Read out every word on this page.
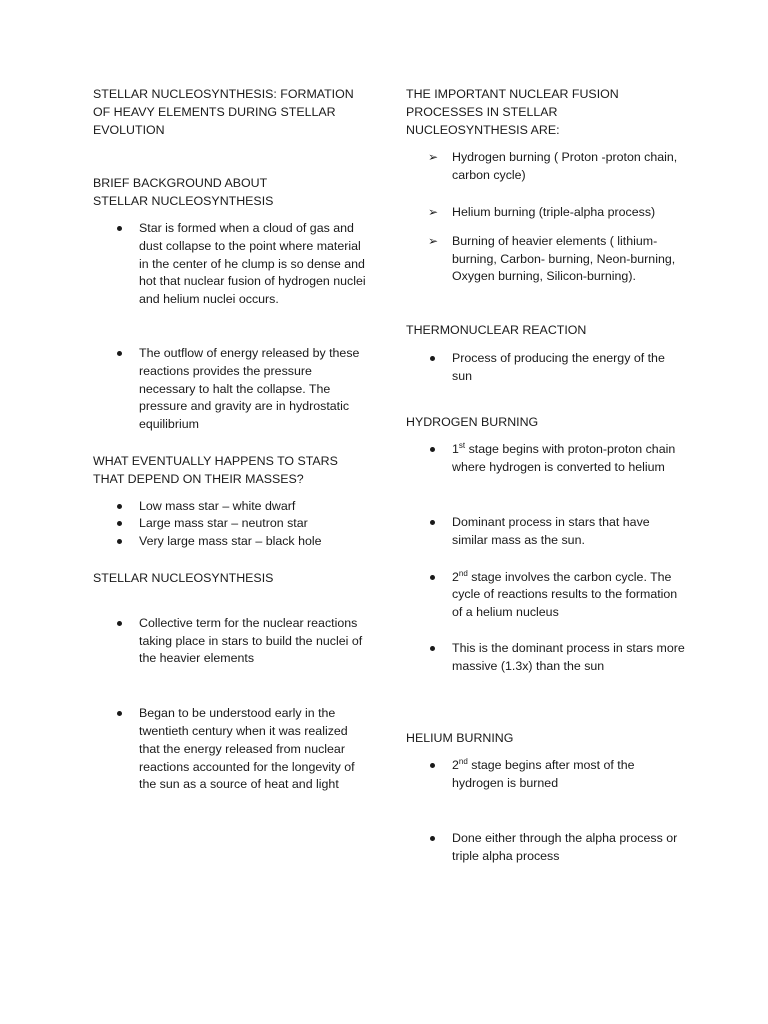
STELLAR NUCLEOSYNTHESIS: FORMATION OF HEAVY ELEMENTS DURING STELLAR EVOLUTION

BRIEF BACKGROUND ABOUT STELLAR NUCLEOSYNTHESIS

Star is formed when a cloud of gas and dust collapse to the point where material in the center of he clump is so dense and hot that nuclear fusion of hydrogen nuclei and helium nuclei occurs.
The outflow of energy released by these reactions provides the pressure necessary to halt the collapse. The pressure and gravity are in hydrostatic equilibrium

WHAT EVENTUALLY HAPPENS TO STARS THAT DEPEND ON THEIR MASSES?

Low mass star – white dwarf
Large mass star – neutron star
Very large mass star – black hole

STELLAR NUCLEOSYNTHESIS

Collective term for the nuclear reactions taking place in stars to build the nuclei of the heavier elements
Began to be understood early in the twentieth century when it was realized that the energy released from nuclear reactions accounted for the longevity of the sun as a source of heat and light

THE IMPORTANT NUCLEAR FUSION PROCESSES IN STELLAR NUCLEOSYNTHESIS ARE:

➢ Hydrogen burning ( Proton -proton chain, carbon cycle)
➢ Helium burning (triple-alpha process)
➢ Burning of heavier elements ( lithium-burning, Carbon- burning, Neon-burning, Oxygen burning, Silicon-burning).

THERMONUCLEAR REACTION

Process of producing the energy of the sun

HYDROGEN BURNING

1st stage begins with proton-proton chain where hydrogen is converted to helium
Dominant process in stars that have similar mass as the sun.
2nd stage involves the carbon cycle. The cycle of reactions results to the formation of a helium nucleus
This is the dominant process in stars more massive (1.3x) than the sun

HELIUM BURNING

2nd stage begins after most of the hydrogen is burned
Done either through the alpha process or triple alpha process
